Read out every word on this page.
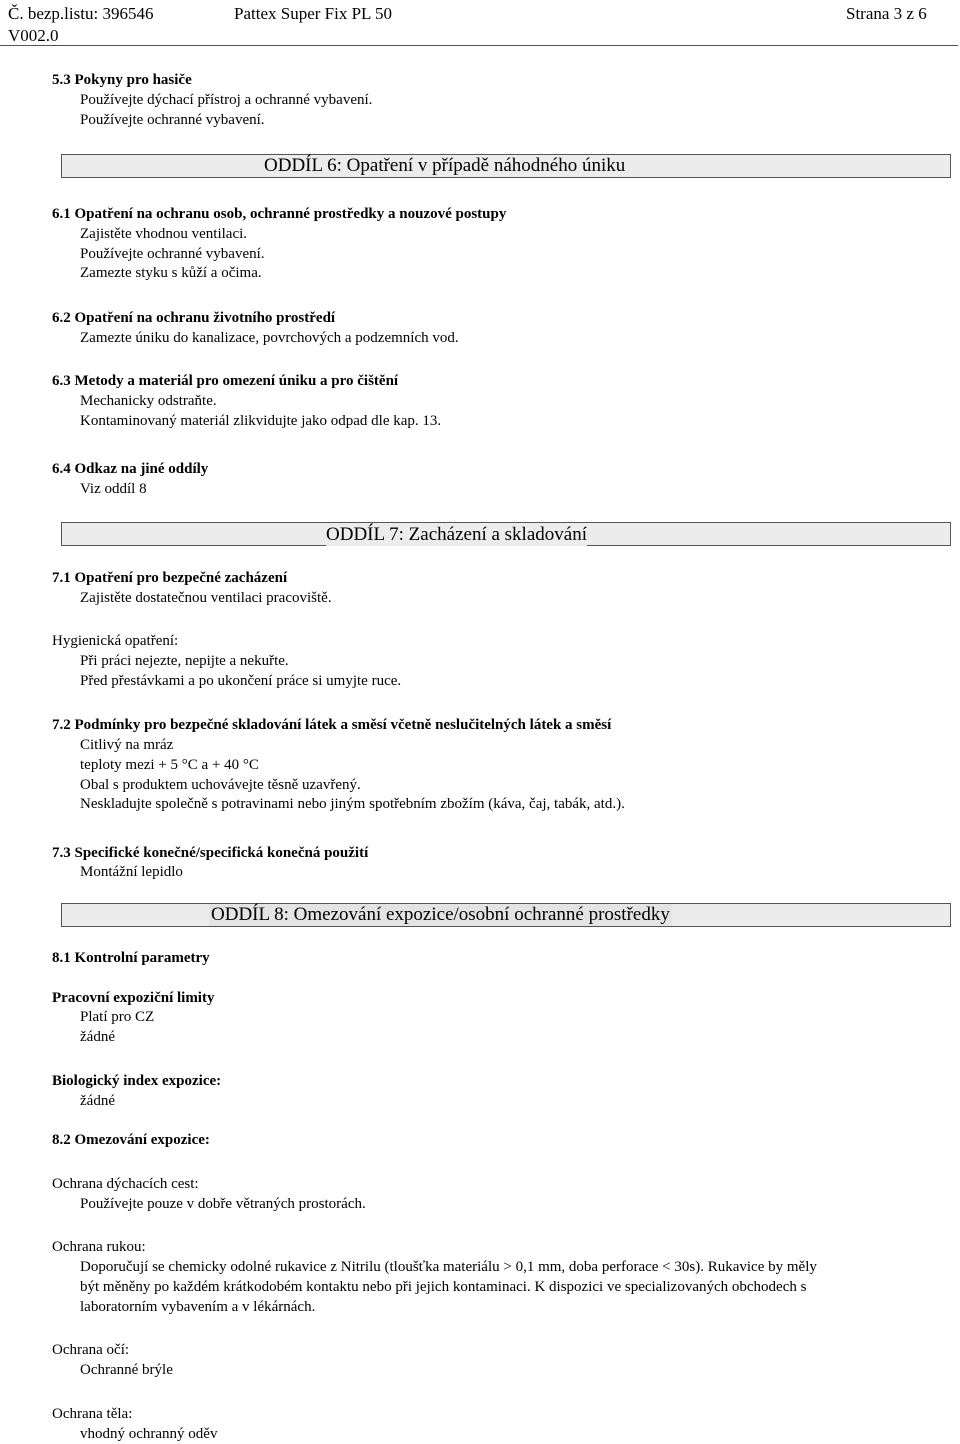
Č. bezp.listu: 396546	Pattex Super Fix PL 50	Strana 3 z 6
V002.0
5.3 Pokyny pro hasiče
Používejte dýchací přístroj a ochranné vybavení.
Používejte ochranné vybavení.
ODDÍL 6: Opatření v případě náhodného úniku
6.1 Opatření na ochranu osob, ochranné prostředky a nouzové postupy
Zajistěte vhodnou ventilaci.
Používejte ochranné vybavení.
Zamezte styku s kůží a očima.
6.2 Opatření na ochranu životního prostředí
Zamezte úniku do kanalizace, povrchových a podzemních vod.
6.3 Metody a materiál pro omezení úniku a pro čištění
Mechanicky odstraňte.
Kontaminovaný materiál zlikvidujte jako odpad dle kap. 13.
6.4 Odkaz na jiné oddíly
Viz oddíl 8
ODDÍL 7: Zacházení a skladování
7.1 Opatření pro bezpečné zacházení
Zajistěte dostatečnou ventilaci pracoviště.
Hygienická opatření:
Při práci nejezte, nepijte a nekuřte.
Před přestávkami a po ukončení práce si umyjte ruce.
7.2 Podmínky pro bezpečné skladování látek a směsí včetně neslučitelných látek a směsí
Citlivý na mráz
teploty mezi + 5 °C a + 40 °C
Obal s produktem uchovávejte těsně uzavřený.
Neskladujte společně s potravinami nebo jiným spotřebním zbožím (káva, čaj, tabák, atd.).
7.3 Specifické konečné/specifická konečná použití
Montážní lepidlo
ODDÍL 8: Omezování expozice/osobní ochranné prostředky
8.1 Kontrolní parametry
Pracovní expoziční limity
Platí pro CZ
žádné
Biologický index expozice:
žádné
8.2 Omezování expozice:
Ochrana dýchacích cest:
Používejte pouze v dobře větraných prostorách.
Ochrana rukou:
Doporučují se chemicky odolné rukavice z Nitrilu (tloušťka materiálu > 0,1 mm, doba perforace < 30s). Rukavice by měly
být měněny po každém krátkodobém kontaktu nebo při jejich kontaminaci. K dispozici ve specializovaných obchodech s
laboratorním vybavením a v lékárnách.
Ochrana očí:
Ochranné brýle
Ochrana těla:
vhodný ochranný oděv
